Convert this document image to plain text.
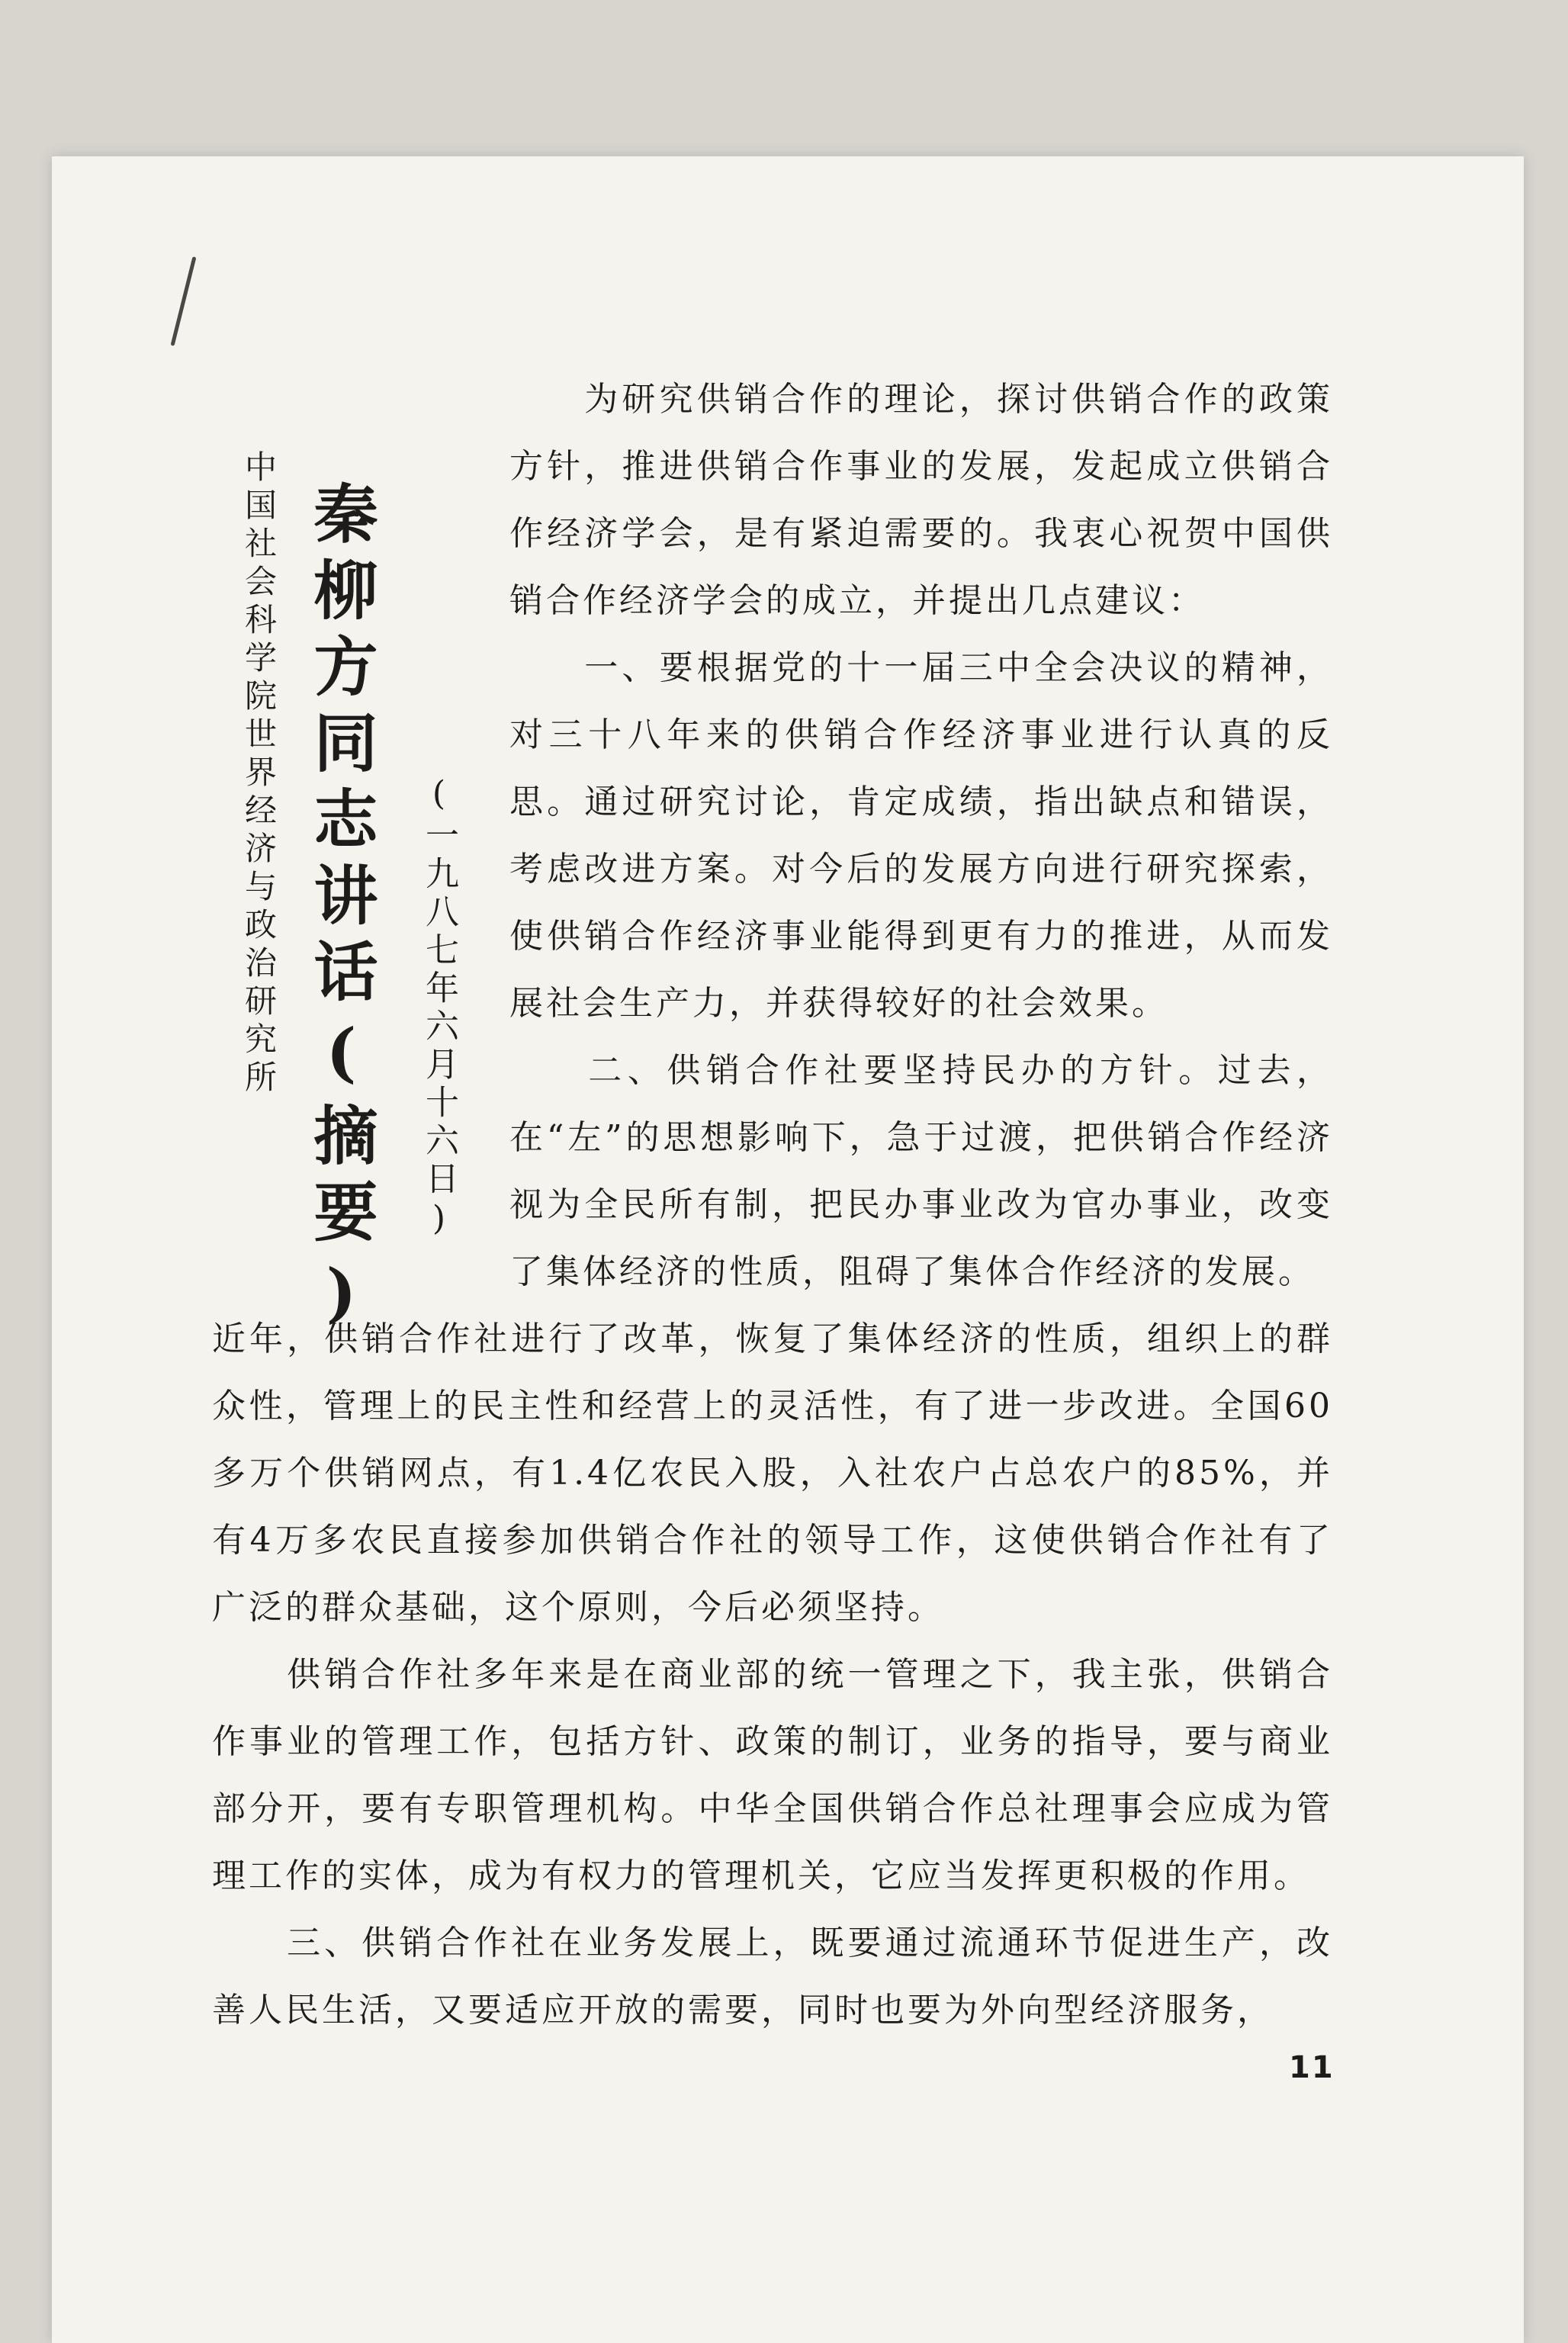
中国社会科学院世界经济与政治研究所 秦柳方同志讲话(摘要) (一九八七年六月十六日)

　　为研究供销合作的理论，探讨供销合作的政策方针，推进供销合作事业的发展，发起成立供销合作经济学会，是有紧迫需要的。我衷心祝贺中国供销合作经济学会的成立，并提出几点建议：

　　一、要根据党的十一届三中全会决议的精神，对三十八年来的供销合作经济事业进行认真的反思。通过研究讨论，肯定成绩，指出缺点和错误，考虑改进方案。对今后的发展方向进行研究探索，使供销合作经济事业能得到更有力的推进，从而发展社会生产力，并获得较好的社会效果。

　　二、供销合作社要坚持民办的方针。过去，在“左”的思想影响下，急于过渡，把供销合作经济视为全民所有制，把民办事业改为官办事业，改变了集体经济的性质，阻碍了集体合作经济的发展。

近年，供销合作社进行了改革，恢复了集体经济的性质，组织上的群众性，管理上的民主性和经营上的灵活性，有了进一步改进。全国60多万个供销网点，有1.4亿农民入股，入社农户占总农户的85%，并有4万多农民直接参加供销合作社的领导工作，这使供销合作社有了广泛的群众基础，这个原则，今后必须坚持。

　　供销合作社多年来是在商业部的统一管理之下，我主张，供销合作事业的管理工作，包括方针、政策的制订，业务的指导，要与商业部分开，要有专职管理机构。中华全国供销合作总社理事会应成为管理工作的实体，成为有权力的管理机关，它应当发挥更积极的作用。

　　三、供销合作社在业务发展上，既要通过流通环节促进生产，改善人民生活，又要适应开放的需要，同时也要为外向型经济服务，

11
